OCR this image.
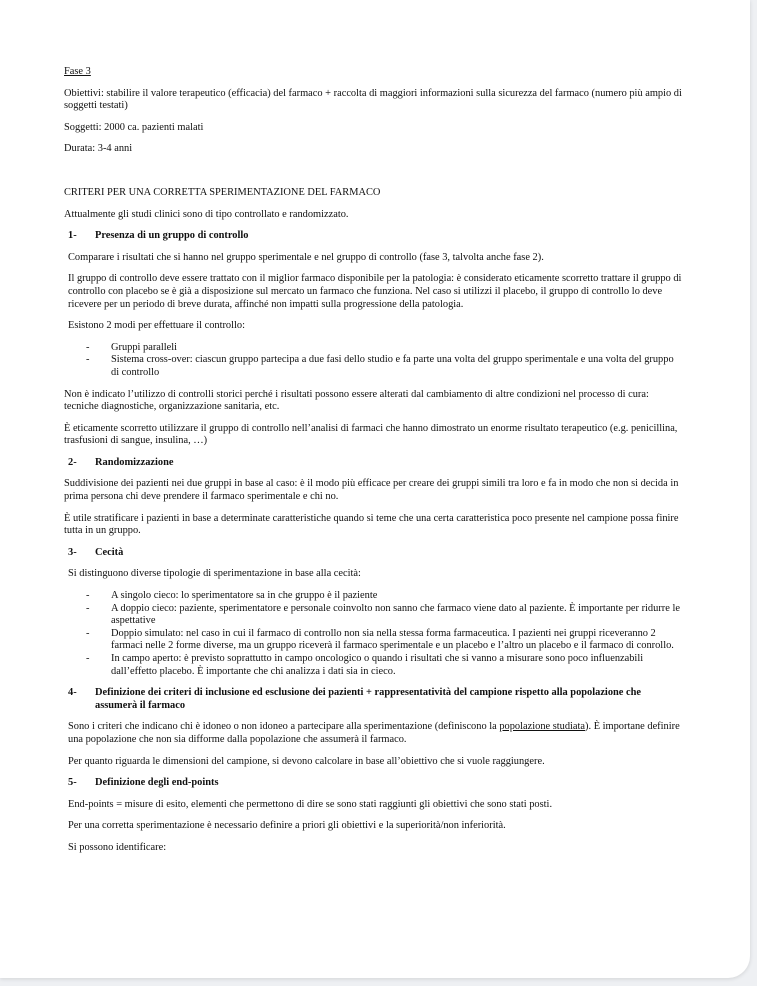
Fase 3

Obiettivi: stabilire il valore terapeutico (efficacia) del farmaco + raccolta di maggiori informazioni sulla sicurezza del farmaco (numero più ampio di soggetti testati)

Soggetti: 2000 ca. pazienti malati

Durata: 3-4 anni

CRITERI PER UNA CORRETTA SPERIMENTAZIONE DEL FARMACO

Attualmente gli studi clinici sono di tipo controllato e randomizzato.

1-	Presenza di un gruppo di controllo

Comparare i risultati che si hanno nel gruppo sperimentale e nel gruppo di controllo (fase 3, talvolta anche fase 2).

Il gruppo di controllo deve essere trattato con il miglior farmaco disponibile per la patologia: è considerato eticamente scorretto trattare il gruppo di controllo con placebo se è già a disposizione sul mercato un farmaco che funziona. Nel caso si utilizzi il placebo, il gruppo di controllo lo deve ricevere per un periodo di breve durata, affinché non impatti sulla progressione della patologia.

Esistono 2 modi per effettuare il controllo:

-	Gruppi paralleli
-	Sistema cross-over: ciascun gruppo partecipa a due fasi dello studio e fa parte una volta del gruppo sperimentale e una volta del gruppo di controllo

Non è indicato l’utilizzo di controlli storici perché i risultati possono essere alterati dal cambiamento di altre condizioni nel processo di cura: tecniche diagnostiche, organizzazione sanitaria, etc.

È eticamente scorretto utilizzare il gruppo di controllo nell’analisi di farmaci che hanno dimostrato un enorme risultato terapeutico (e.g. penicillina, trasfusioni di sangue, insulina, …)

2-	Randomizzazione

Suddivisione dei pazienti nei due gruppi in base al caso: è il modo più efficace per creare dei gruppi simili tra loro e fa in modo che non si decida in prima persona chi deve prendere il farmaco sperimentale e chi no.

È utile stratificare i pazienti in base a determinate caratteristiche quando si teme che una certa caratteristica poco presente nel campione possa finire tutta in un gruppo.

3-	Cecità

Si distinguono diverse tipologie di sperimentazione in base alla cecità:

-	A singolo cieco: lo sperimentatore sa in che gruppo è il paziente
-	A doppio cieco: paziente, sperimentatore e personale coinvolto non sanno che farmaco viene dato al paziente. È importante per ridurre le aspettative
-	Doppio simulato: nel caso in cui il farmaco di controllo non sia nella stessa forma farmaceutica. I pazienti nei gruppi riceveranno 2 farmaci nelle 2 forme diverse, ma un gruppo riceverà il farmaco sperimentale e un placebo e l’altro un placebo e il farmaco di conrollo.
-	In campo aperto: è previsto soprattutto in campo oncologico o quando i risultati che si vanno a misurare sono poco influenzabili dall’effetto placebo. È importante che chi analizza i dati sia in cieco.
4-	Definizione dei criteri di inclusione ed esclusione dei pazienti + rappresentatività del campione rispetto alla popolazione che assumerà il farmaco

Sono i criteri che indicano chi è idoneo o non idoneo a partecipare alla sperimentazione (definiscono la popolazione studiata). È importane definire una popolazione che non sia difforme dalla popolazione che assumerà il farmaco.

Per quanto riguarda le dimensioni del campione, si devono calcolare in base all’obiettivo che si vuole raggiungere.

5-	Definizione degli end-points

End-points = misure di esito, elementi che permettono di dire se sono stati raggiunti gli obiettivi che sono stati posti.

Per una corretta sperimentazione è necessario definire a priori gli obiettivi e la superiorità/non inferiorità.

Si possono identificare:
